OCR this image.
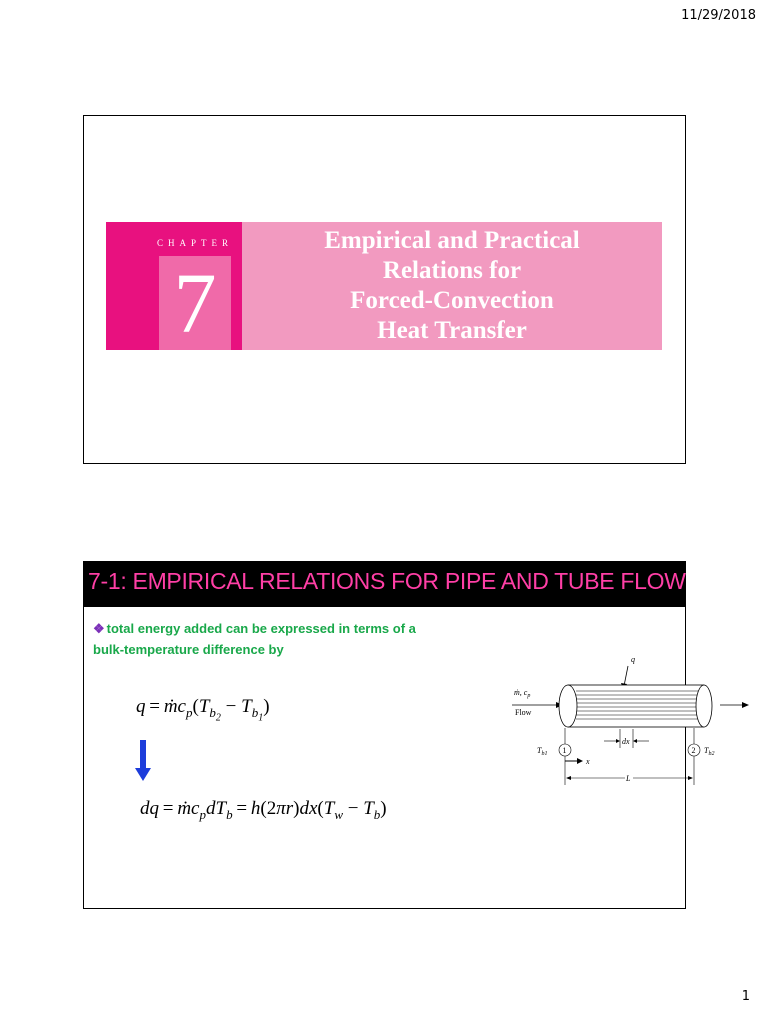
11/29/2018
CHAPTER
7
Empirical and Practical
Relations for
Forced-Convection
Heat Transfer
7-1: EMPIRICAL RELATIONS FOR PIPE AND TUBE FLOW
❖ total energy added can be expressed in terms of a bulk-temperature difference by
$q = ṁc_p(T_{b_2} - T_{b_1})$
dq = $ṁc_pdT_b = h(2\pi r)dx(T_w - T_b)$
q
ṁ, $c_p$
Flow
dx
1	2
$T_{b1}$	$T_{b2}$
x
L
1
